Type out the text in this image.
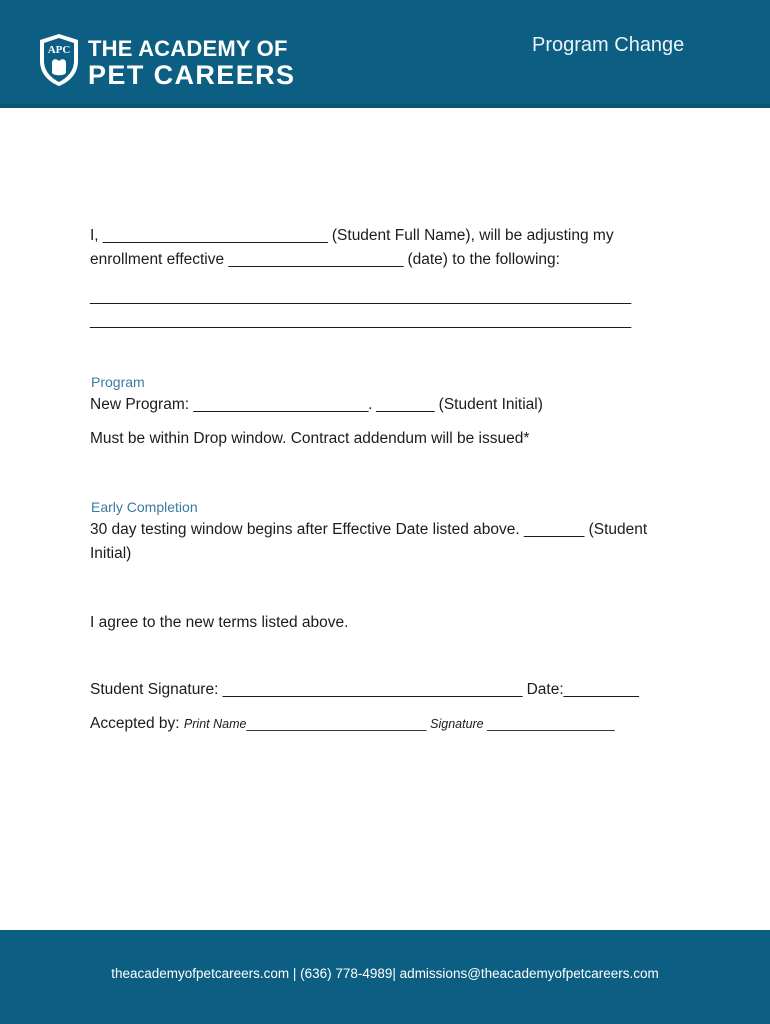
APC THE ACADEMY OF
PET CAREERS
Program Change
I, ___________________________ (Student Full Name), will be adjusting my
enrollment effective _____________________ (date) to the following:
_________________________________________________________________
_________________________________________________________________
Program
New Program: _____________________. _______ (Student Initial)
Must be within Drop window. Contract addendum will be issued*
Early Completion
30 day testing window begins after Effective Date listed above. _______ (Student
Initial)
I agree to the new terms listed above.
Student Signature: ____________________________________ Date:_________
Accepted by: Print Name________________________ Signature _________________
theacademyofpetcareers.com | (636) 778-4989| admissions@theacademyofpetcareers.com
